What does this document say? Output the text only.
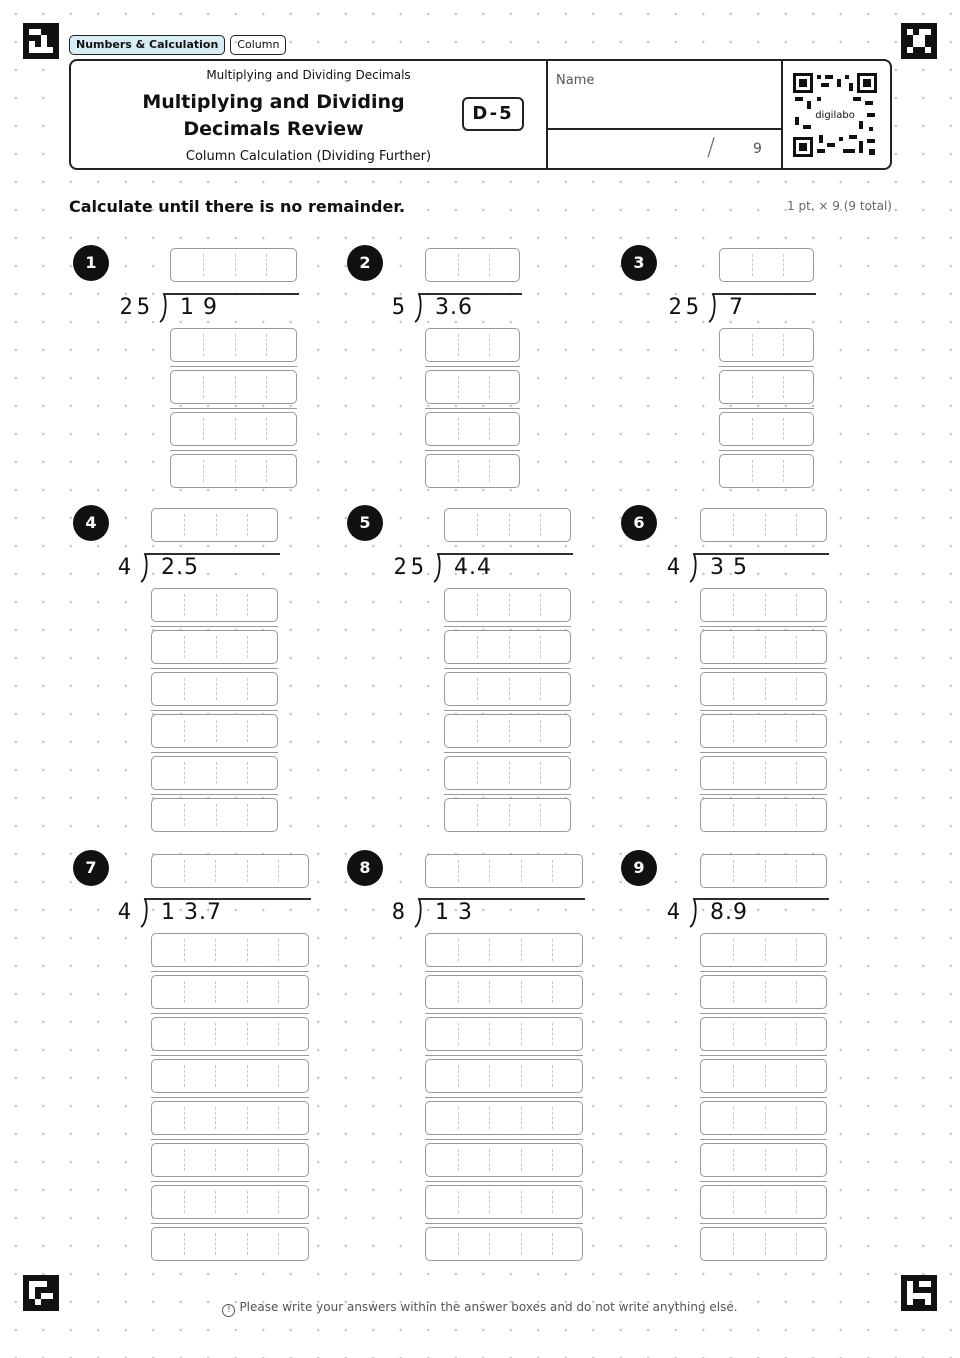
Numbers & Calculation	Column
Multiplying and Dividing Decimals
Multiplying and Dividing Decimals Review
Column Calculation (Dividing Further)
D-5
Name
/	9
digilabo
Calculate until there is no remainder.	1 pt. × 9 (9 total)
1
25 1 9
2
5 3.6
3
25 7
4
4 2.5
5
25 4.4
6
4 3 5
7
4 1 3.7
8
8 1 3
9
4 8.9
! Please write your answers within the answer boxes and do not write anything else.
